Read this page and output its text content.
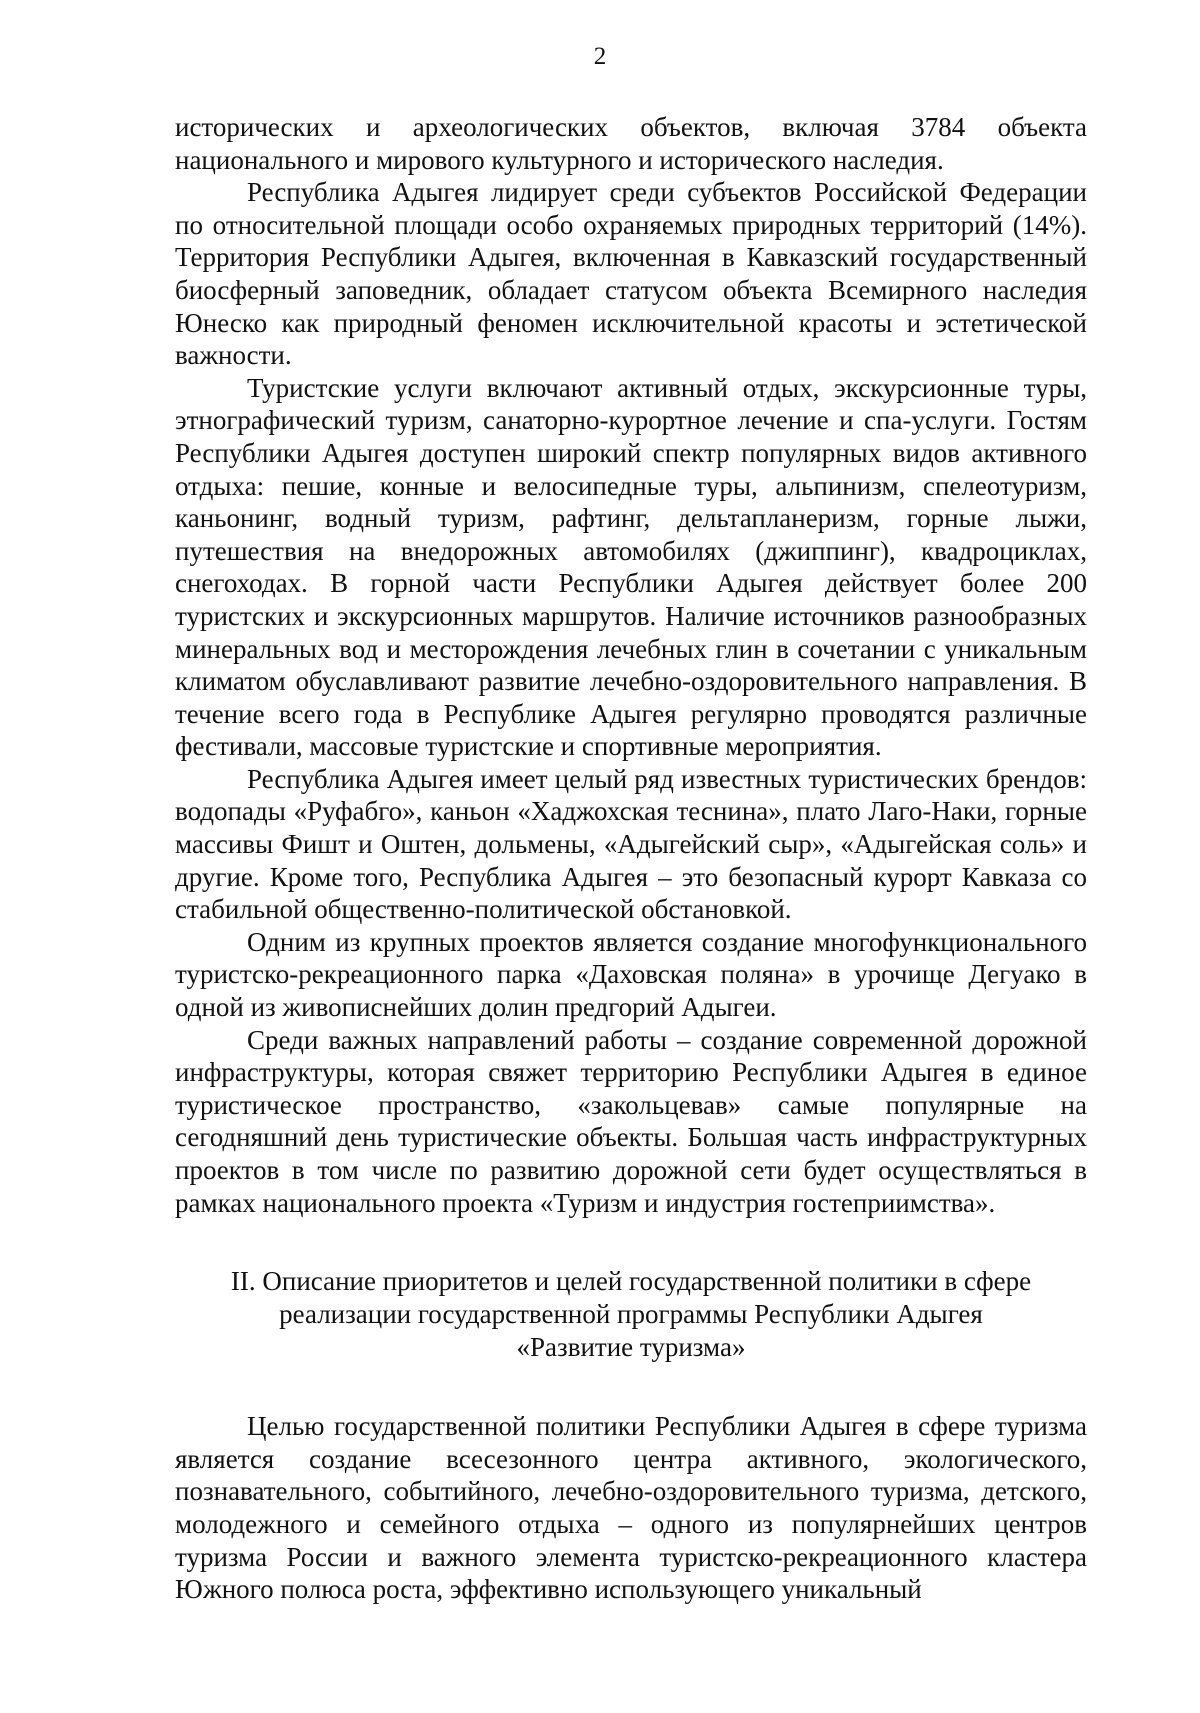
2

исторических и археологических объектов, включая 3784 объекта национального и мирового культурного и исторического наследия.

Республика Адыгея лидирует среди субъектов Российской Федерации по относительной площади особо охраняемых природных территорий (14%). Территория Республики Адыгея, включенная в Кавказский государственный биосферный заповедник, обладает статусом объекта Всемирного наследия Юнеско как природный феномен исключительной красоты и эстетической важности.

Туристские услуги включают активный отдых, экскурсионные туры, этнографический туризм, санаторно-курортное лечение и спа-услуги. Гостям Республики Адыгея доступен широкий спектр популярных видов активного отдыха: пешие, конные и велосипедные туры, альпинизм, спелеотуризм, каньонинг, водный туризм, рафтинг, дельтапланеризм, горные лыжи, путешествия на внедорожных автомобилях (джиппинг), квадроциклах, снегоходах. В горной части Республики Адыгея действует более 200 туристских и экскурсионных маршрутов. Наличие источников разнообразных минеральных вод и месторождения лечебных глин в сочетании с уникальным климатом обуславливают развитие лечебно-оздоровительного направления. В течение всего года в Республике Адыгея регулярно проводятся различные фестивали, массовые туристские и спортивные мероприятия.

Республика Адыгея имеет целый ряд известных туристических брендов: водопады «Руфабго», каньон «Хаджохская теснина», плато Лаго-Наки, горные массивы Фишт и Оштен, дольмены, «Адыгейский сыр», «Адыгейская соль» и другие. Кроме того, Республика Адыгея – это безопасный курорт Кавказа со стабильной общественно-политической обстановкой.

Одним из крупных проектов является создание многофункционального туристско-рекреационного парка «Даховская поляна» в урочище Дегуако в одной из живописнейших долин предгорий Адыгеи.

Среди важных направлений работы – создание современной дорожной инфраструктуры, которая свяжет территорию Республики Адыгея в единое туристическое пространство, «закольцевав» самые популярные на сегодняшний день туристические объекты. Большая часть инфраструктурных проектов в том числе по развитию дорожной сети будет осуществляться в рамках национального проекта «Туризм и индустрия гостеприимства».

II. Описание приоритетов и целей государственной политики в сфере
реализации государственной программы Республики Адыгея
«Развитие туризма»

Целью государственной политики Республики Адыгея в сфере туризма является создание всесезонного центра активного, экологического, познавательного, событийного, лечебно-оздоровительного туризма, детского, молодежного и семейного отдыха – одного из популярнейших центров туризма России и важного элемента туристско-рекреационного кластера Южного полюса роста, эффективно использующего уникальный
